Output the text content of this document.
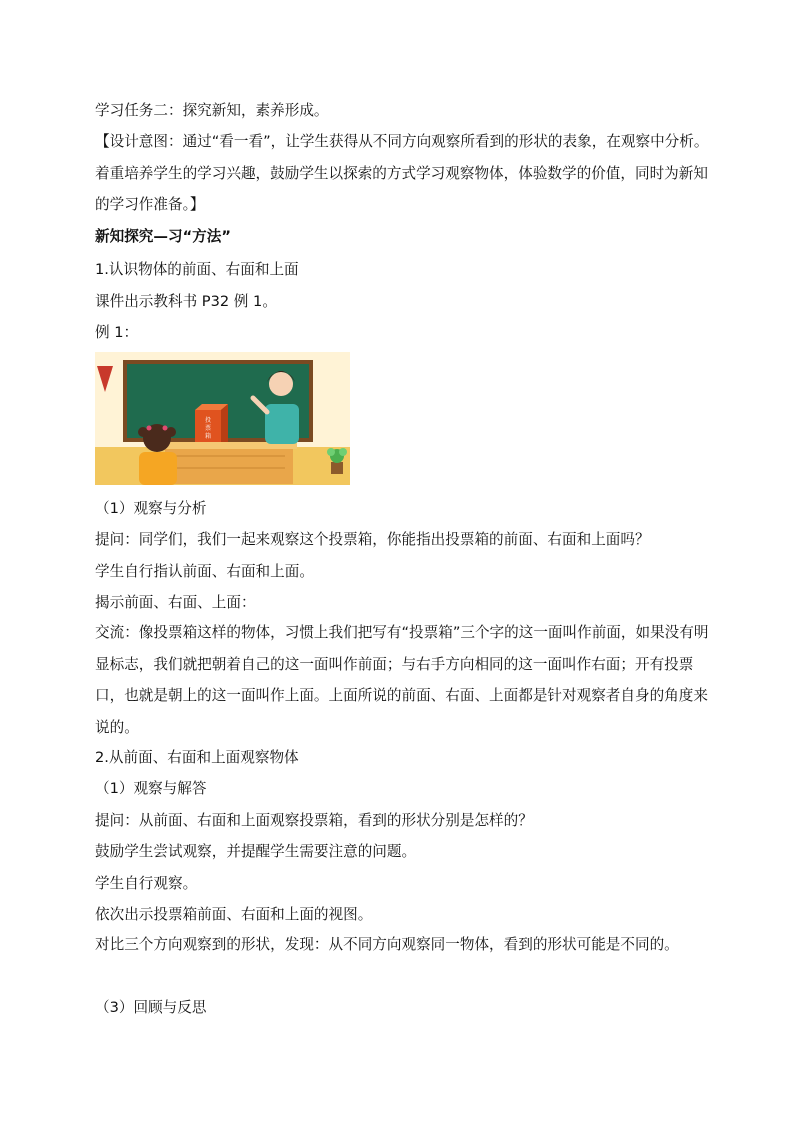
学习任务二：探究新知，素养形成。
【设计意图：通过“看一看”，让学生获得从不同方向观察所看到的形状的表象，在观察中分析。着重培养学生的学习兴趣，鼓励学生以探索的方式学习观察物体，体验数学的价值，同时为新知的学习作准备。】
新知探究—习“方法”
1.认识物体的前面、右面和上面
课件出示教科书 P32 例 1。
例 1：
投
票
箱
（1）观察与分析
提问：同学们，我们一起来观察这个投票箱，你能指出投票箱的前面、右面和上面吗？
学生自行指认前面、右面和上面。
揭示前面、右面、上面：
交流：像投票箱这样的物体，习惯上我们把写有“投票箱”三个字的这一面叫作前面，如果没有明显标志，我们就把朝着自己的这一面叫作前面；与右手方向相同的这一面叫作右面；开有投票口，也就是朝上的这一面叫作上面。上面所说的前面、右面、上面都是针对观察者自身的角度来说的。
2.从前面、右面和上面观察物体
（1）观察与解答
提问：从前面、右面和上面观察投票箱，看到的形状分别是怎样的？
鼓励学生尝试观察，并提醒学生需要注意的问题。
学生自行观察。
依次出示投票箱前面、右面和上面的视图。
对比三个方向观察到的形状，发现：从不同方向观察同一物体，看到的形状可能是不同的。
（3）回顾与反思
